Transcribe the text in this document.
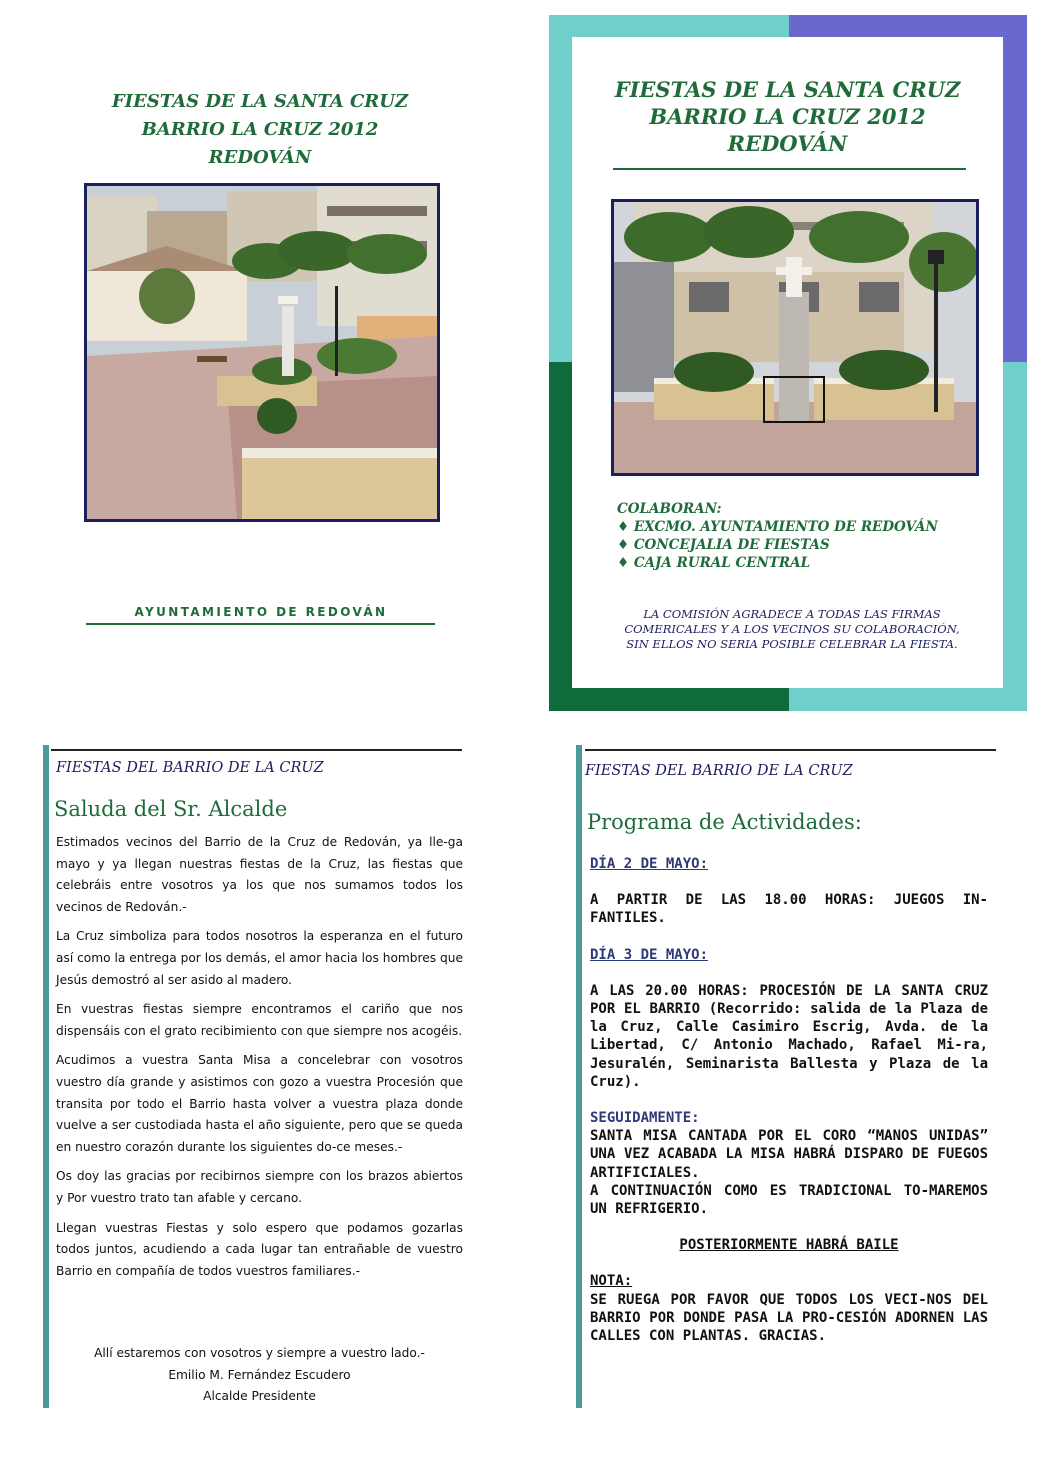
FIESTAS DE LA SANTA CRUZ
BARRIO LA CRUZ 2012
REDOVÁN
AYUNTAMIENTO DE REDOVÁN
FIESTAS DE LA SANTA CRUZ
BARRIO LA CRUZ 2012
REDOVÁN
COLABORAN:
♦ EXCMO. AYUNTAMIENTO DE REDOVÁN
♦ CONCEJALIA DE FIESTAS
♦ CAJA RURAL CENTRAL
LA COMISIÓN AGRADECE A TODAS LAS FIRMAS
COMERICALES Y A LOS VECINOS SU COLABORACIÓN,
SIN ELLOS NO SERIA POSIBLE CELEBRAR LA FIESTA.
FIESTAS DEL BARRIO DE LA CRUZ
Saluda del Sr. Alcalde

Estimados vecinos del Barrio de la Cruz de Redován, ya lle-ga mayo y ya llegan nuestras fiestas de la Cruz, las fiestas que celebráis entre vosotros ya los que nos sumamos todos los vecinos de Redován.-

La Cruz simboliza para todos nosotros la esperanza en el futuro así como la entrega por los demás, el amor hacia los hombres que Jesús demostró al ser asido al madero.

En vuestras fiestas siempre encontramos el cariño que nos dispensáis con el grato recibimiento con que siempre nos acogéis.

Acudimos a vuestra Santa Misa a concelebrar con vosotros vuestro día grande y asistimos con gozo a vuestra Procesión que transita por todo el Barrio hasta volver a vuestra plaza donde vuelve a ser custodiada hasta el año siguiente, pero que se queda en nuestro corazón durante los siguientes do-ce meses.-

Os doy las gracias por recibirnos siempre con los brazos abiertos y Por vuestro trato tan afable y cercano.

Llegan vuestras Fiestas y solo espero que podamos gozarlas todos juntos, acudiendo a cada lugar tan entrañable de vuestro Barrio en compañía de todos vuestros familiares.-

Allí estaremos con vosotros y siempre a vuestro lado.-
Emilio M. Fernández Escudero
Alcalde Presidente
FIESTAS DEL BARRIO DE LA CRUZ
Programa de Actividades:
DÍA 2 DE MAYO:
A PARTIR DE LAS 18.00 HORAS: JUEGOS IN-FANTILES.
DÍA 3 DE MAYO:
A LAS 20.00 HORAS: PROCESIÓN DE LA SANTA CRUZ POR EL BARRIO (Recorrido: salida de la Plaza de la Cruz, Calle Casimiro Escrig, Avda. de la Libertad, C/ Antonio Machado, Rafael Mi-ra, Jesuralén, Seminarista Ballesta y Plaza de la Cruz).
SEGUIDAMENTE:
SANTA MISA CANTADA POR EL CORO “MANOS UNIDAS” UNA VEZ ACABADA LA MISA HABRÁ DISPARO DE FUEGOS ARTIFICIALES.
A CONTINUACIÓN COMO ES TRADICIONAL TO-MAREMOS UN REFRIGERIO.
POSTERIORMENTE HABRÁ BAILE
NOTA:
SE RUEGA POR FAVOR QUE TODOS LOS VECI-NOS DEL BARRIO POR DONDE PASA LA PRO-CESIÓN ADORNEN LAS CALLES CON PLANTAS. GRACIAS.
